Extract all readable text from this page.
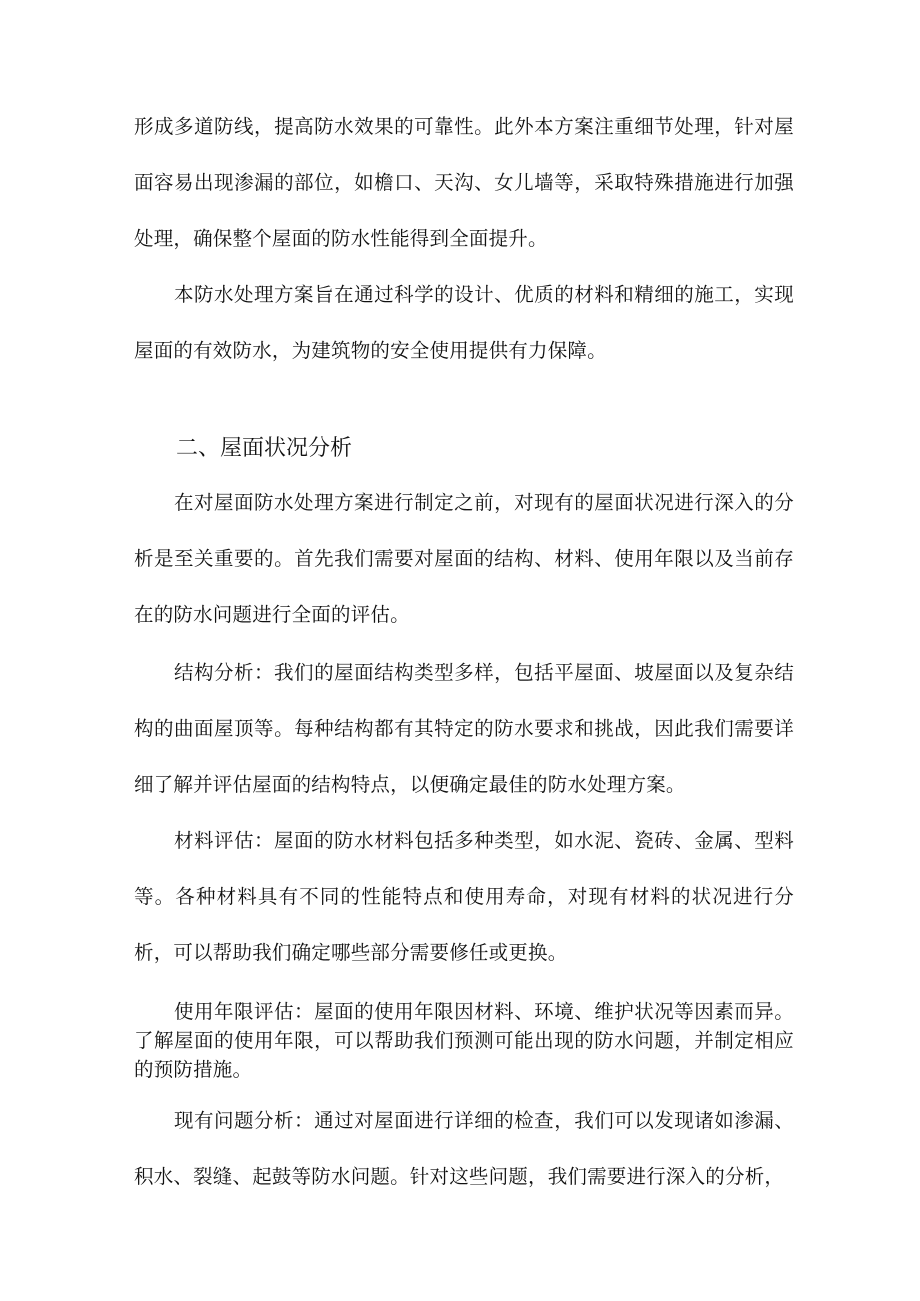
形成多道防线，提高防水效果的可靠性。此外本方案注重细节处理，针对屋面容易出现渗漏的部位，如檐口、天沟、女儿墙等，采取特殊措施进行加强处理，确保整个屋面的防水性能得到全面提升。

本防水处理方案旨在通过科学的设计、优质的材料和精细的施工，实现屋面的有效防水，为建筑物的安全使用提供有力保障。

二、屋面状况分析

在对屋面防水处理方案进行制定之前，对现有的屋面状况进行深入的分析是至关重要的。首先我们需要对屋面的结构、材料、使用年限以及当前存在的防水问题进行全面的评估。

结构分析：我们的屋面结构类型多样，包括平屋面、坡屋面以及复杂结构的曲面屋顶等。每种结构都有其特定的防水要求和挑战，因此我们需要详细了解并评估屋面的结构特点，以便确定最佳的防水处理方案。

材料评估：屋面的防水材料包括多种类型，如水泥、瓷砖、金属、型料等。各种材料具有不同的性能特点和使用寿命，对现有材料的状况进行分析，可以帮助我们确定哪些部分需要修任或更换。

使用年限评估：屋面的使用年限因材料、环境、维护状况等因素而异。了解屋面的使用年限，可以帮助我们预测可能出现的防水问题，并制定相应的预防措施。

现有问题分析：通过对屋面进行详细的检查，我们可以发现诸如渗漏、积水、裂缝、起鼓等防水问题。针对这些问题，我们需要进行深入的分析，
